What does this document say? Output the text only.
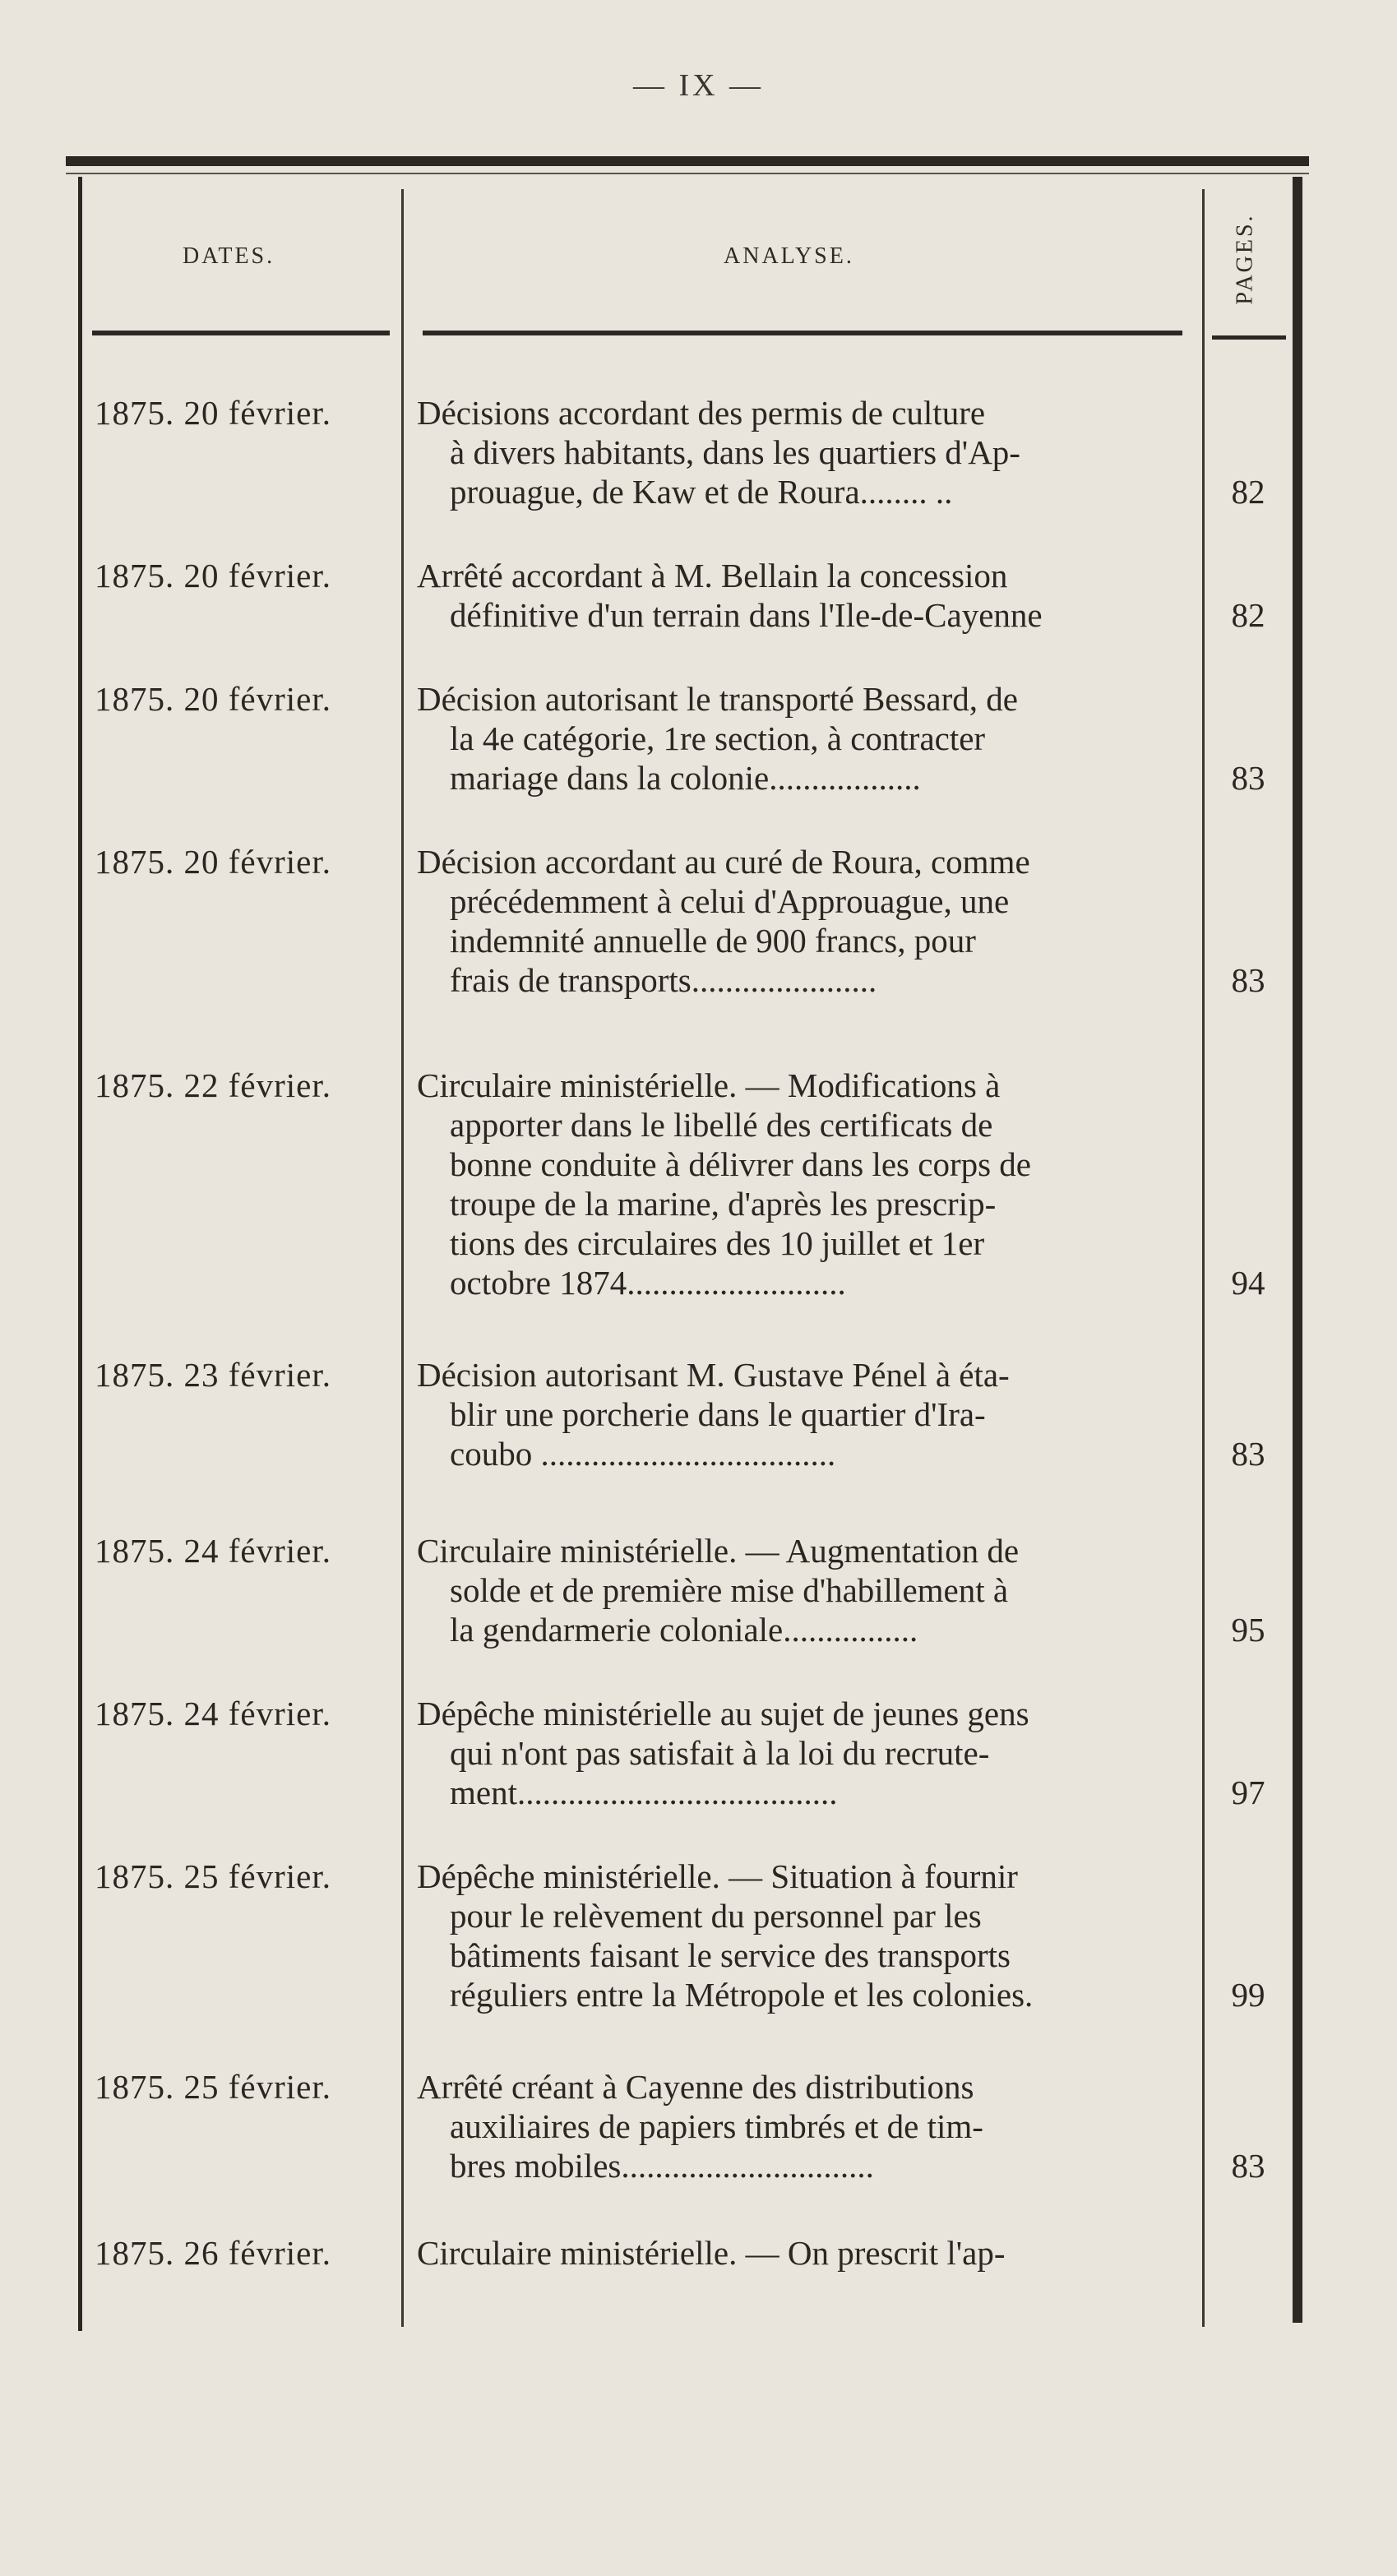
— IX —
DATES.	ANALYSE.	PAGES.
1875. 20 février.	Décisions accordant des permis de culture
à divers habitants, dans les quartiers d'Ap-
prouague, de Kaw et de Roura........ ..	82
1875. 20 février.	Arrêté accordant à M. Bellain la concession
définitive d'un terrain dans l'Ile-de-Cayenne	82
1875. 20 février.	Décision autorisant le transporté Bessard, de
la 4e catégorie, 1re section, à contracter
mariage dans la colonie..................	83
1875. 20 février.	Décision accordant au curé de Roura, comme
précédemment à celui d'Approuague, une
indemnité annuelle de 900 francs, pour
frais de transports......................	83
1875. 22 février.	Circulaire ministérielle. — Modifications à
apporter dans le libellé des certificats de
bonne conduite à délivrer dans les corps de
troupe de la marine, d'après les prescrip-
tions des circulaires des 10 juillet et 1er
octobre 1874..........................	94
1875. 23 février.	Décision autorisant M. Gustave Pénel à éta-
blir une porcherie dans le quartier d'Ira-
coubo ...................................	83
1875. 24 février.	Circulaire ministérielle. — Augmentation de
solde et de première mise d'habillement à
la gendarmerie coloniale................	95
1875. 24 février.	Dépêche ministérielle au sujet de jeunes gens
qui n'ont pas satisfait à la loi du recrute-
ment......................................	97
1875. 25 février.	Dépêche ministérielle. — Situation à fournir
pour le relèvement du personnel par les
bâtiments faisant le service des transports
réguliers entre la Métropole et les colonies.	99
1875. 25 février.	Arrêté créant à Cayenne des distributions
auxiliaires de papiers timbrés et de tim-
bres mobiles..............................	83
1875. 26 février.	Circulaire ministérielle. — On prescrit l'ap-
